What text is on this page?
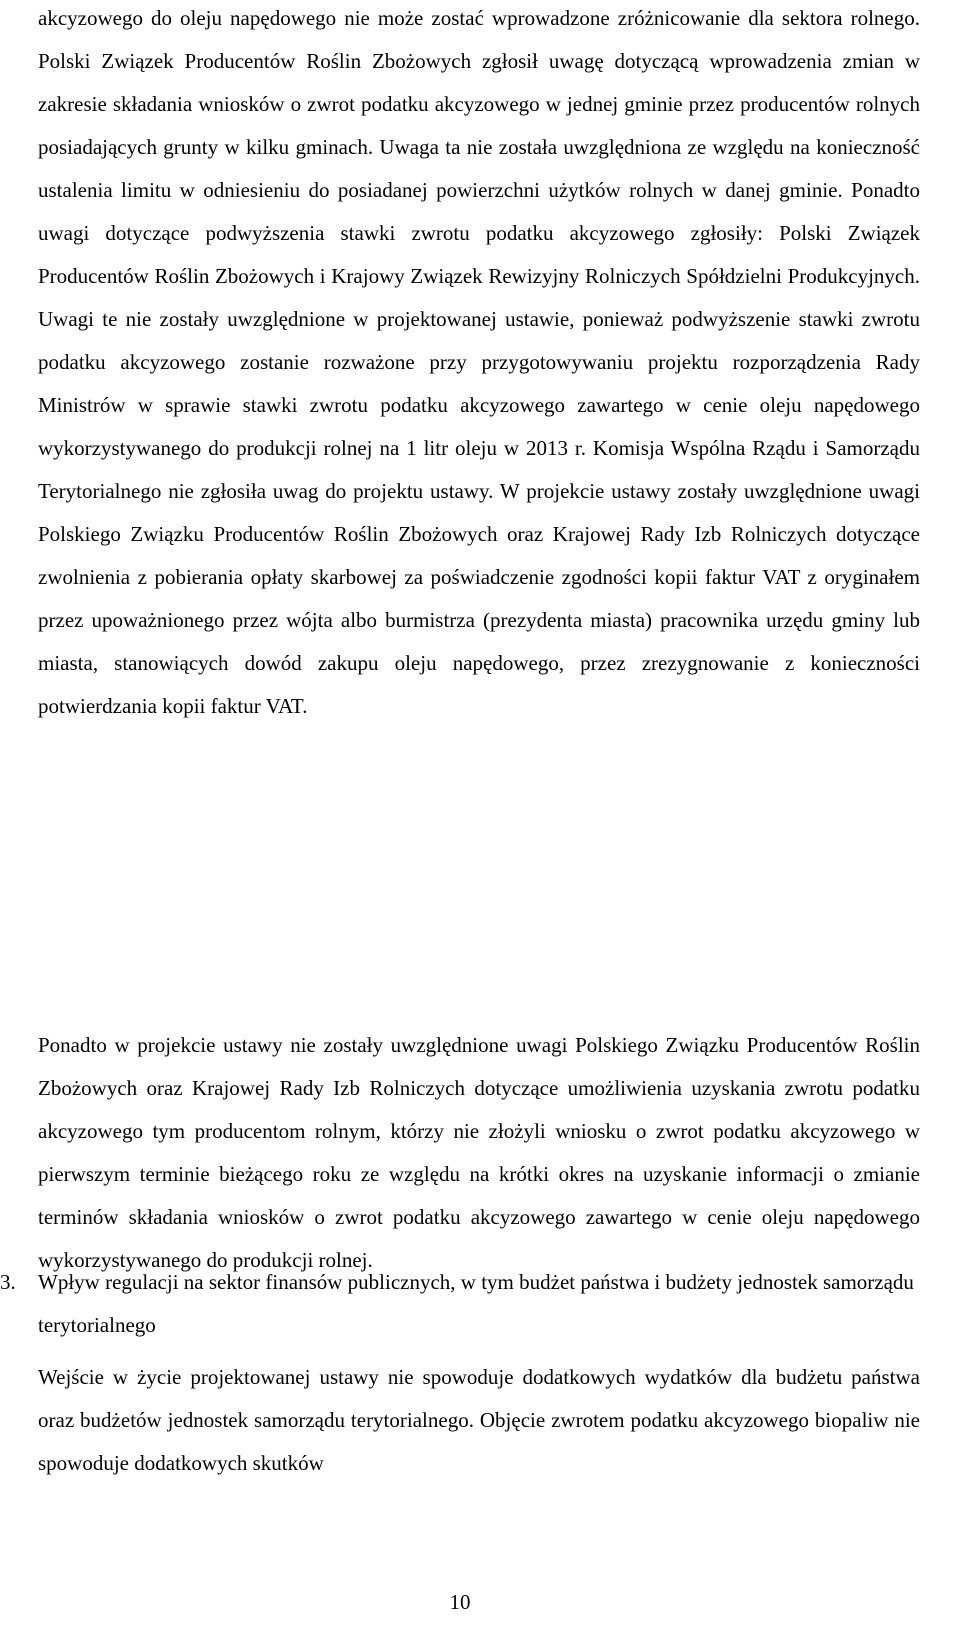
akcyzowego do oleju napędowego nie może zostać wprowadzone zróżnicowanie dla sektora rolnego. Polski Związek Producentów Roślin Zbożowych zgłosił uwagę dotyczącą wprowadzenia zmian w zakresie składania wniosków o zwrot podatku akcyzowego w jednej gminie przez producentów rolnych posiadających grunty w kilku gminach. Uwaga ta nie została uwzględniona ze względu na konieczność ustalenia limitu w odniesieniu do posiadanej powierzchni użytków rolnych w danej gminie. Ponadto uwagi dotyczące podwyższenia stawki zwrotu podatku akcyzowego zgłosiły: Polski Związek Producentów Roślin Zbożowych i Krajowy Związek Rewizyjny Rolniczych Spółdzielni Produkcyjnych. Uwagi te nie zostały uwzględnione w projektowanej ustawie, ponieważ podwyższenie stawki zwrotu podatku akcyzowego zostanie rozważone przy przygotowywaniu projektu rozporządzenia Rady Ministrów w sprawie stawki zwrotu podatku akcyzowego zawartego w cenie oleju napędowego wykorzystywanego do produkcji rolnej na 1 litr oleju w 2013 r. Komisja Wspólna Rządu i Samorządu Terytorialnego nie zgłosiła uwag do projektu ustawy. W projekcie ustawy zostały uwzględnione uwagi Polskiego Związku Producentów Roślin Zbożowych oraz Krajowej Rady Izb Rolniczych dotyczące zwolnienia z pobierania opłaty skarbowej za poświadczenie zgodności kopii faktur VAT z oryginałem przez upoważnionego przez wójta albo burmistrza (prezydenta miasta) pracownika urzędu gminy lub miasta, stanowiących dowód zakupu oleju napędowego, przez zrezygnowanie z konieczności potwierdzania kopii faktur VAT.

Ponadto w projekcie ustawy nie zostały uwzględnione uwagi Polskiego Związku Producentów Roślin Zbożowych oraz Krajowej Rady Izb Rolniczych dotyczące umożliwienia uzyskania zwrotu podatku akcyzowego tym producentom rolnym, którzy nie złożyli wniosku o zwrot podatku akcyzowego w pierwszym terminie bieżącego roku ze względu na krótki okres na uzyskanie informacji o zmianie terminów składania wniosków o zwrot podatku akcyzowego zawartego w cenie oleju napędowego wykorzystywanego do produkcji rolnej.

3. Wpływ regulacji na sektor finansów publicznych, w tym budżet państwa i budżety jednostek samorządu terytorialnego

Wejście w życie projektowanej ustawy nie spowoduje dodatkowych wydatków dla budżetu państwa oraz budżetów jednostek samorządu terytorialnego. Objęcie zwrotem podatku akcyzowego biopaliw nie spowoduje dodatkowych skutków

10
